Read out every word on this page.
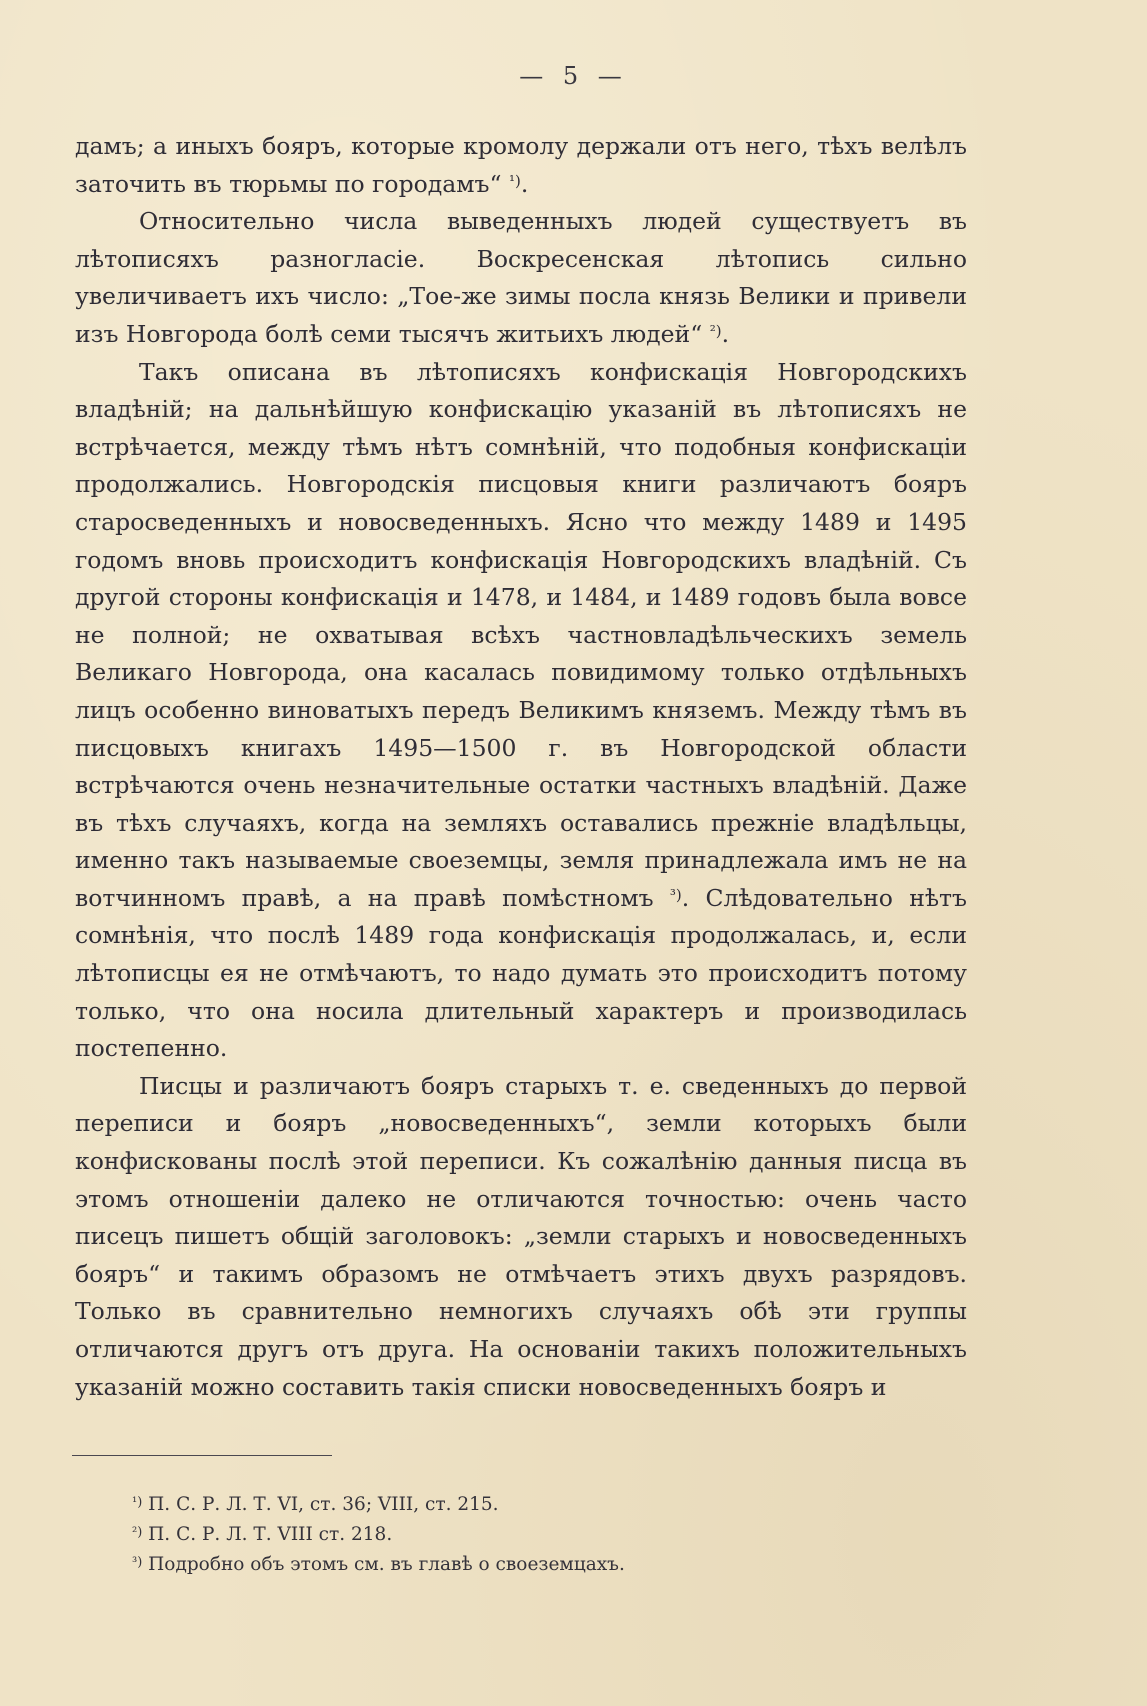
— 5 —

дамъ; а иныхъ бояръ, которые кромолу держали отъ него, тѣхъ велѣлъ заточить въ тюрьмы по городамъ“ $^{^1)}$.

Относительно числа выведенныхъ людей существуетъ въ лѣтописяхъ разногласіе. Воскресенская лѣтопись сильно увеличиваетъ ихъ число: „Тое-же зимы посла князь Велики и привели изъ Новгорода болѣ семи тысячъ житьихъ людей“ $^{^2)}$.

Такъ описана въ лѣтописяхъ конфискація Новгородскихъ владѣній; на дальнѣйшую конфискацію указаній въ лѣтописяхъ не встрѣчается, между тѣмъ нѣтъ сомнѣній, что подобныя конфискаціи продолжались. Новгородскія писцовыя книги различаютъ бояръ старосведенныхъ и новосведенныхъ. Ясно что между 1489 и 1495 годомъ вновь происходитъ конфискація Новгородскихъ владѣній. Съ другой стороны конфискація и 1478, и 1484, и 1489 годовъ была вовсе не полной; не охватывая всѣхъ частновладѣльческихъ земель Великаго Новгорода, она касалась повидимому только отдѣльныхъ лицъ особенно виноватыхъ передъ Великимъ княземъ. Между тѣмъ въ писцовыхъ книгахъ 1495—1500 г. въ Новгородской области встрѣчаются очень незначительные остатки частныхъ владѣній. Даже въ тѣхъ случаяхъ, когда на земляхъ оставались прежніе владѣльцы, именно такъ называемые своеземцы, земля принадлежала имъ не на вотчинномъ правѣ, а на правѣ помѣстномъ $^{^3)}$. Слѣдовательно нѣтъ сомнѣнія, что послѣ 1489 года конфискація продолжалась, и, если лѣтописцы ея не отмѣчаютъ, то надо думать это происходитъ потому только, что она носила длительный характеръ и производилась постепенно.

Писцы и различаютъ бояръ старыхъ т. е. сведенныхъ до первой переписи и бояръ „новосведенныхъ“, земли которыхъ были конфискованы послѣ этой переписи. Къ сожалѣнію данныя писца въ этомъ отношеніи далеко не отличаются точностью: очень часто писецъ пишетъ общій заголовокъ: „земли старыхъ и новосведенныхъ бояръ“ и такимъ образомъ не отмѣчаетъ этихъ двухъ разрядовъ. Только въ сравнительно немногихъ случаяхъ обѣ эти группы отличаются другъ отъ друга. На основаніи такихъ положительныхъ указаній можно составить такія списки новосведенныхъ бояръ и

$^{^1)}$ П. С. Р. Л. Т. VI, ст. 36; VIII, ст. 215.
$^{^2)}$ П. С. Р. Л. Т. VIII ст. 218.
$^{^3)}$ Подробно объ этомъ см. въ главѣ о своеземцахъ.
